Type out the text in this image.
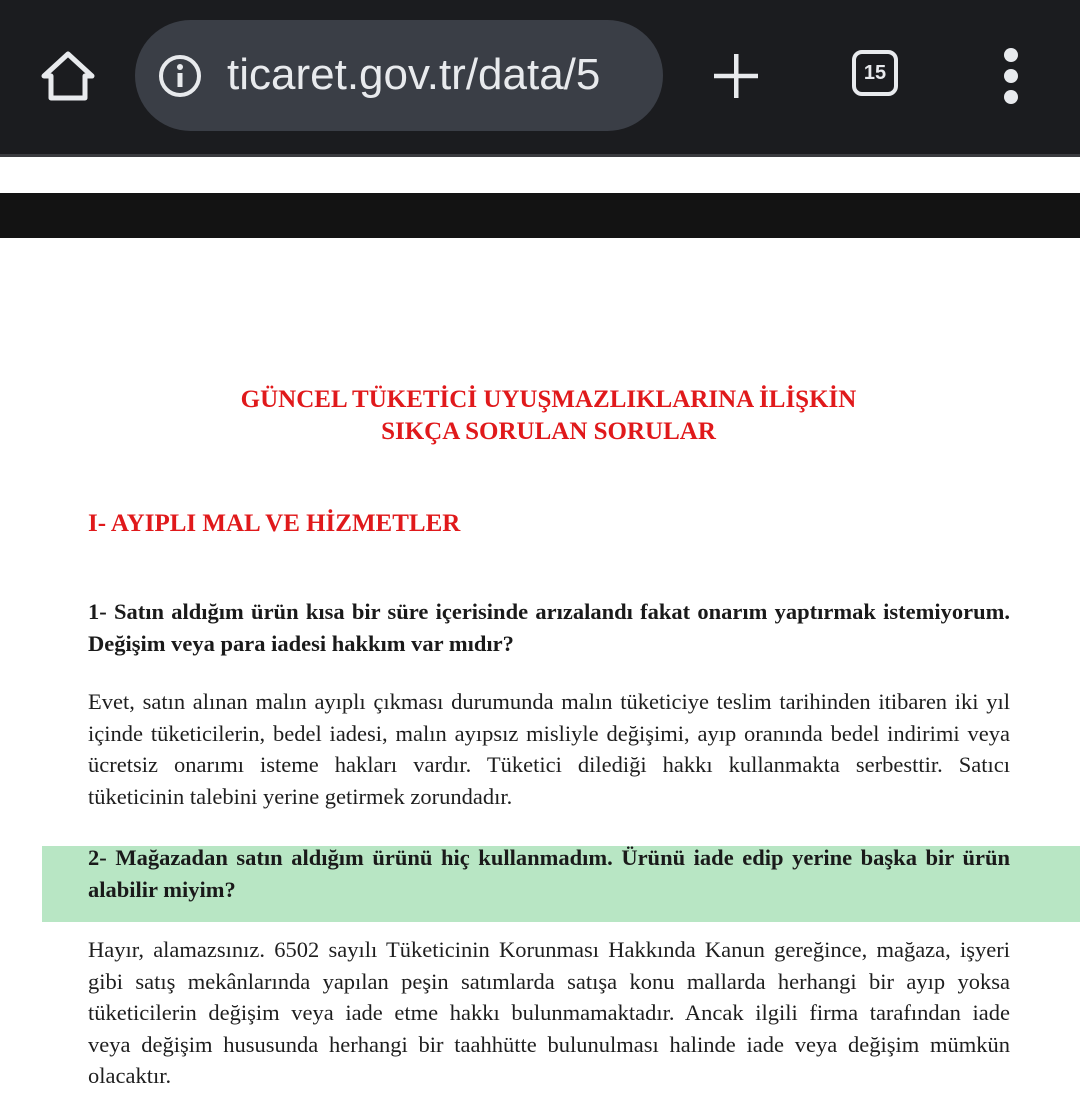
ticaret.gov.tr/data/5	15
GÜNCEL TÜKETİCİ UYUŞMAZLIKLARINA İLİŞKİN
SIKÇA SORULAN SORULAR
I- AYIPLI MAL VE HİZMETLER
1- Satın aldığım ürün kısa bir süre içerisinde arızalandı fakat onarım yaptırmak istemiyorum.
Değişim veya para iadesi hakkım var mıdır?
Evet, satın alınan malın ayıplı çıkması durumunda malın tüketiciye teslim tarihinden itibaren iki yıl
içinde tüketicilerin, bedel iadesi, malın ayıpsız misliyle değişimi, ayıp oranında bedel indirimi veya
ücretsiz onarımı isteme hakları vardır. Tüketici dilediği hakkı kullanmakta serbesttir. Satıcı
tüketicinin talebini yerine getirmek zorundadır.
2- Mağazadan satın aldığım ürünü hiç kullanmadım. Ürünü iade edip yerine başka bir ürün
alabilir miyim?
Hayır, alamazsınız. 6502 sayılı Tüketicinin Korunması Hakkında Kanun gereğince, mağaza, işyeri
gibi satış mekânlarında yapılan peşin satımlarda satışa konu mallarda herhangi bir ayıp yoksa
tüketicilerin değişim veya iade etme hakkı bulunmamaktadır. Ancak ilgili firma tarafından iade
veya değişim hususunda herhangi bir taahhütte bulunulması halinde iade veya değişim mümkün
olacaktır.
